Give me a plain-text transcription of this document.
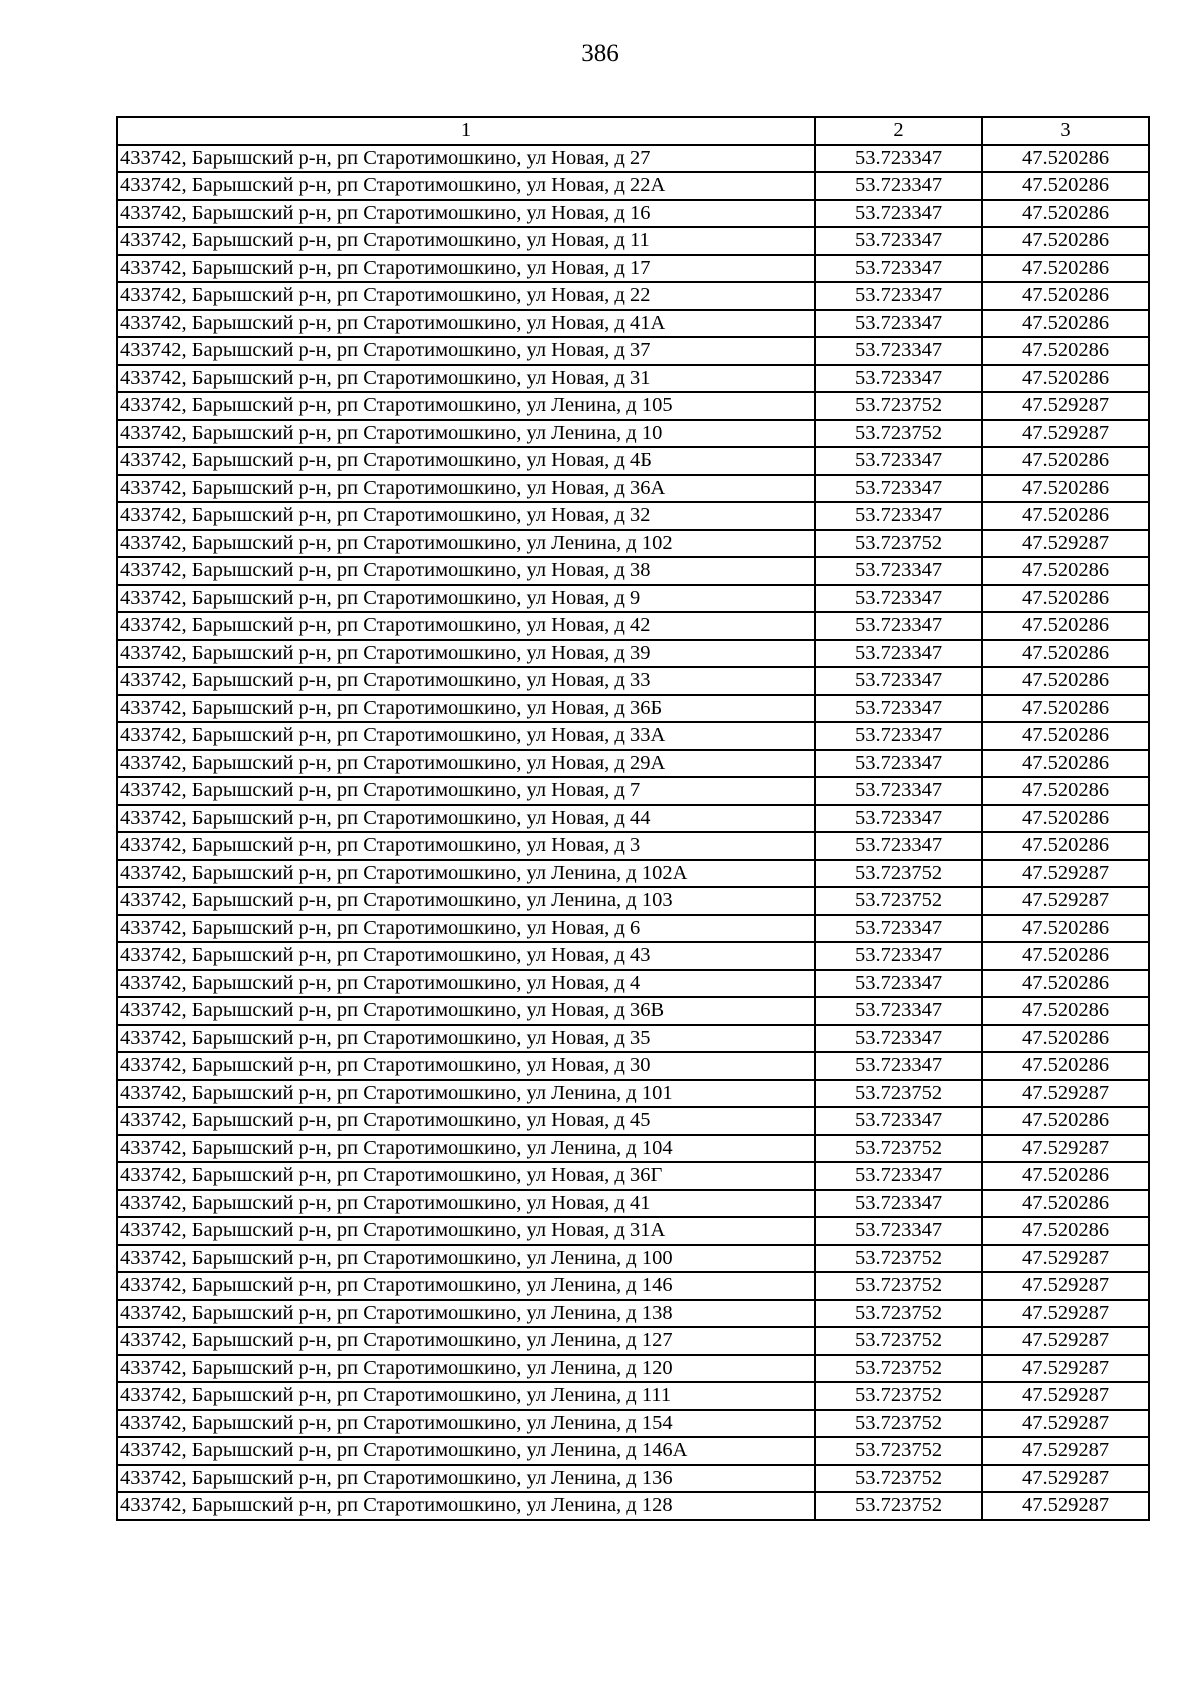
386
1	2	3
433742, Барышский р-н, рп Старотимошкино, ул Новая, д 27	53.723347	47.520286
433742, Барышский р-н, рп Старотимошкино, ул Новая, д 22А	53.723347	47.520286
433742, Барышский р-н, рп Старотимошкино, ул Новая, д 16	53.723347	47.520286
433742, Барышский р-н, рп Старотимошкино, ул Новая, д 11	53.723347	47.520286
433742, Барышский р-н, рп Старотимошкино, ул Новая, д 17	53.723347	47.520286
433742, Барышский р-н, рп Старотимошкино, ул Новая, д 22	53.723347	47.520286
433742, Барышский р-н, рп Старотимошкино, ул Новая, д 41А	53.723347	47.520286
433742, Барышский р-н, рп Старотимошкино, ул Новая, д 37	53.723347	47.520286
433742, Барышский р-н, рп Старотимошкино, ул Новая, д 31	53.723347	47.520286
433742, Барышский р-н, рп Старотимошкино, ул Ленина, д 105	53.723752	47.529287
433742, Барышский р-н, рп Старотимошкино, ул Ленина, д 10	53.723752	47.529287
433742, Барышский р-н, рп Старотимошкино, ул Новая, д 4Б	53.723347	47.520286
433742, Барышский р-н, рп Старотимошкино, ул Новая, д 36А	53.723347	47.520286
433742, Барышский р-н, рп Старотимошкино, ул Новая, д 32	53.723347	47.520286
433742, Барышский р-н, рп Старотимошкино, ул Ленина, д 102	53.723752	47.529287
433742, Барышский р-н, рп Старотимошкино, ул Новая, д 38	53.723347	47.520286
433742, Барышский р-н, рп Старотимошкино, ул Новая, д 9	53.723347	47.520286
433742, Барышский р-н, рп Старотимошкино, ул Новая, д 42	53.723347	47.520286
433742, Барышский р-н, рп Старотимошкино, ул Новая, д 39	53.723347	47.520286
433742, Барышский р-н, рп Старотимошкино, ул Новая, д 33	53.723347	47.520286
433742, Барышский р-н, рп Старотимошкино, ул Новая, д 36Б	53.723347	47.520286
433742, Барышский р-н, рп Старотимошкино, ул Новая, д 33А	53.723347	47.520286
433742, Барышский р-н, рп Старотимошкино, ул Новая, д 29А	53.723347	47.520286
433742, Барышский р-н, рп Старотимошкино, ул Новая, д 7	53.723347	47.520286
433742, Барышский р-н, рп Старотимошкино, ул Новая, д 44	53.723347	47.520286
433742, Барышский р-н, рп Старотимошкино, ул Новая, д 3	53.723347	47.520286
433742, Барышский р-н, рп Старотимошкино, ул Ленина, д 102А	53.723752	47.529287
433742, Барышский р-н, рп Старотимошкино, ул Ленина, д 103	53.723752	47.529287
433742, Барышский р-н, рп Старотимошкино, ул Новая, д 6	53.723347	47.520286
433742, Барышский р-н, рп Старотимошкино, ул Новая, д 43	53.723347	47.520286
433742, Барышский р-н, рп Старотимошкино, ул Новая, д 4	53.723347	47.520286
433742, Барышский р-н, рп Старотимошкино, ул Новая, д 36В	53.723347	47.520286
433742, Барышский р-н, рп Старотимошкино, ул Новая, д 35	53.723347	47.520286
433742, Барышский р-н, рп Старотимошкино, ул Новая, д 30	53.723347	47.520286
433742, Барышский р-н, рп Старотимошкино, ул Ленина, д 101	53.723752	47.529287
433742, Барышский р-н, рп Старотимошкино, ул Новая, д 45	53.723347	47.520286
433742, Барышский р-н, рп Старотимошкино, ул Ленина, д 104	53.723752	47.529287
433742, Барышский р-н, рп Старотимошкино, ул Новая, д 36Г	53.723347	47.520286
433742, Барышский р-н, рп Старотимошкино, ул Новая, д 41	53.723347	47.520286
433742, Барышский р-н, рп Старотимошкино, ул Новая, д 31А	53.723347	47.520286
433742, Барышский р-н, рп Старотимошкино, ул Ленина, д 100	53.723752	47.529287
433742, Барышский р-н, рп Старотимошкино, ул Ленина, д 146	53.723752	47.529287
433742, Барышский р-н, рп Старотимошкино, ул Ленина, д 138	53.723752	47.529287
433742, Барышский р-н, рп Старотимошкино, ул Ленина, д 127	53.723752	47.529287
433742, Барышский р-н, рп Старотимошкино, ул Ленина, д 120	53.723752	47.529287
433742, Барышский р-н, рп Старотимошкино, ул Ленина, д 111	53.723752	47.529287
433742, Барышский р-н, рп Старотимошкино, ул Ленина, д 154	53.723752	47.529287
433742, Барышский р-н, рп Старотимошкино, ул Ленина, д 146А	53.723752	47.529287
433742, Барышский р-н, рп Старотимошкино, ул Ленина, д 136	53.723752	47.529287
433742, Барышский р-н, рп Старотимошкино, ул Ленина, д 128	53.723752	47.529287
